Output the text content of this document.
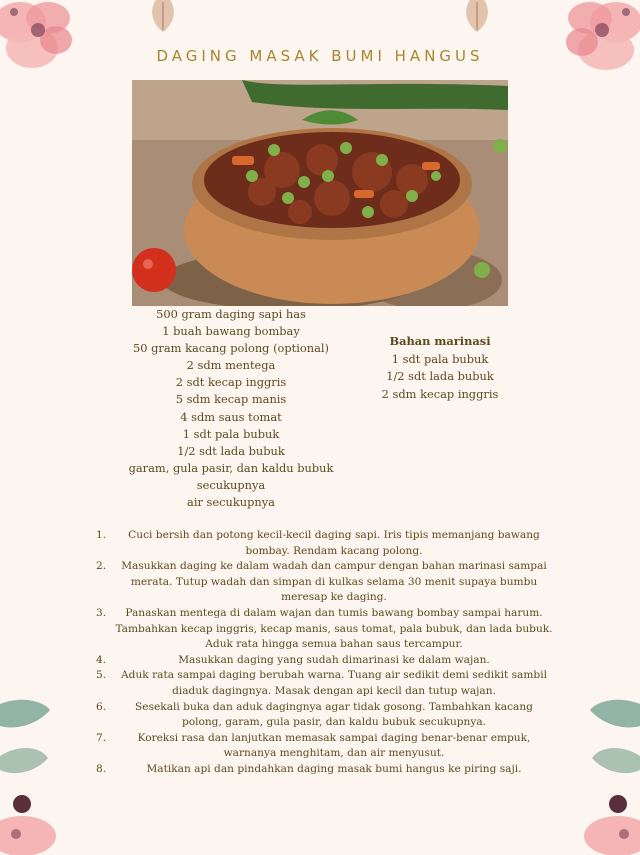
DAGING MASAK BUMI HANGUS
500 gram daging sapi has
1 buah bawang bombay
50 gram kacang polong (optional)
2 sdm mentega
2 sdt kecap inggris
5 sdm kecap manis
4 sdm saus tomat
1 sdt pala bubuk
1/2 sdt lada bubuk
garam, gula pasir, dan kaldu bubuk
secukupnya
air secukupnya
Bahan marinasi
1 sdt pala bubuk
1/2 sdt lada bubuk
2 sdm kecap inggris
1.	Cuci bersih dan potong kecil-kecil daging sapi. Iris tipis memanjang bawang bombay. Rendam kacang polong.
2.	Masukkan daging ke dalam wadah dan campur dengan bahan marinasi sampai merata. Tutup wadah dan simpan di kulkas selama 30 menit supaya bumbu meresap ke daging.
3.	Panaskan mentega di dalam wajan dan tumis bawang bombay sampai harum. Tambahkan kecap inggris, kecap manis, saus tomat, pala bubuk, dan lada bubuk. Aduk rata hingga semua bahan saus tercampur.
4.	Masukkan daging yang sudah dimarinasi ke dalam wajan.
5.	Aduk rata sampai daging berubah warna. Tuang air sedikit demi sedikit sambil diaduk dagingnya. Masak dengan api kecil dan tutup wajan.
6.	Sesekali buka dan aduk dagingnya agar tidak gosong. Tambahkan kacang polong, garam, gula pasir, dan kaldu bubuk secukupnya.
7.	Koreksi rasa dan lanjutkan memasak sampai daging benar-benar empuk, warnanya menghitam, dan air menyusut.
8.	Matikan api dan pindahkan daging masak bumi hangus ke piring saji.
